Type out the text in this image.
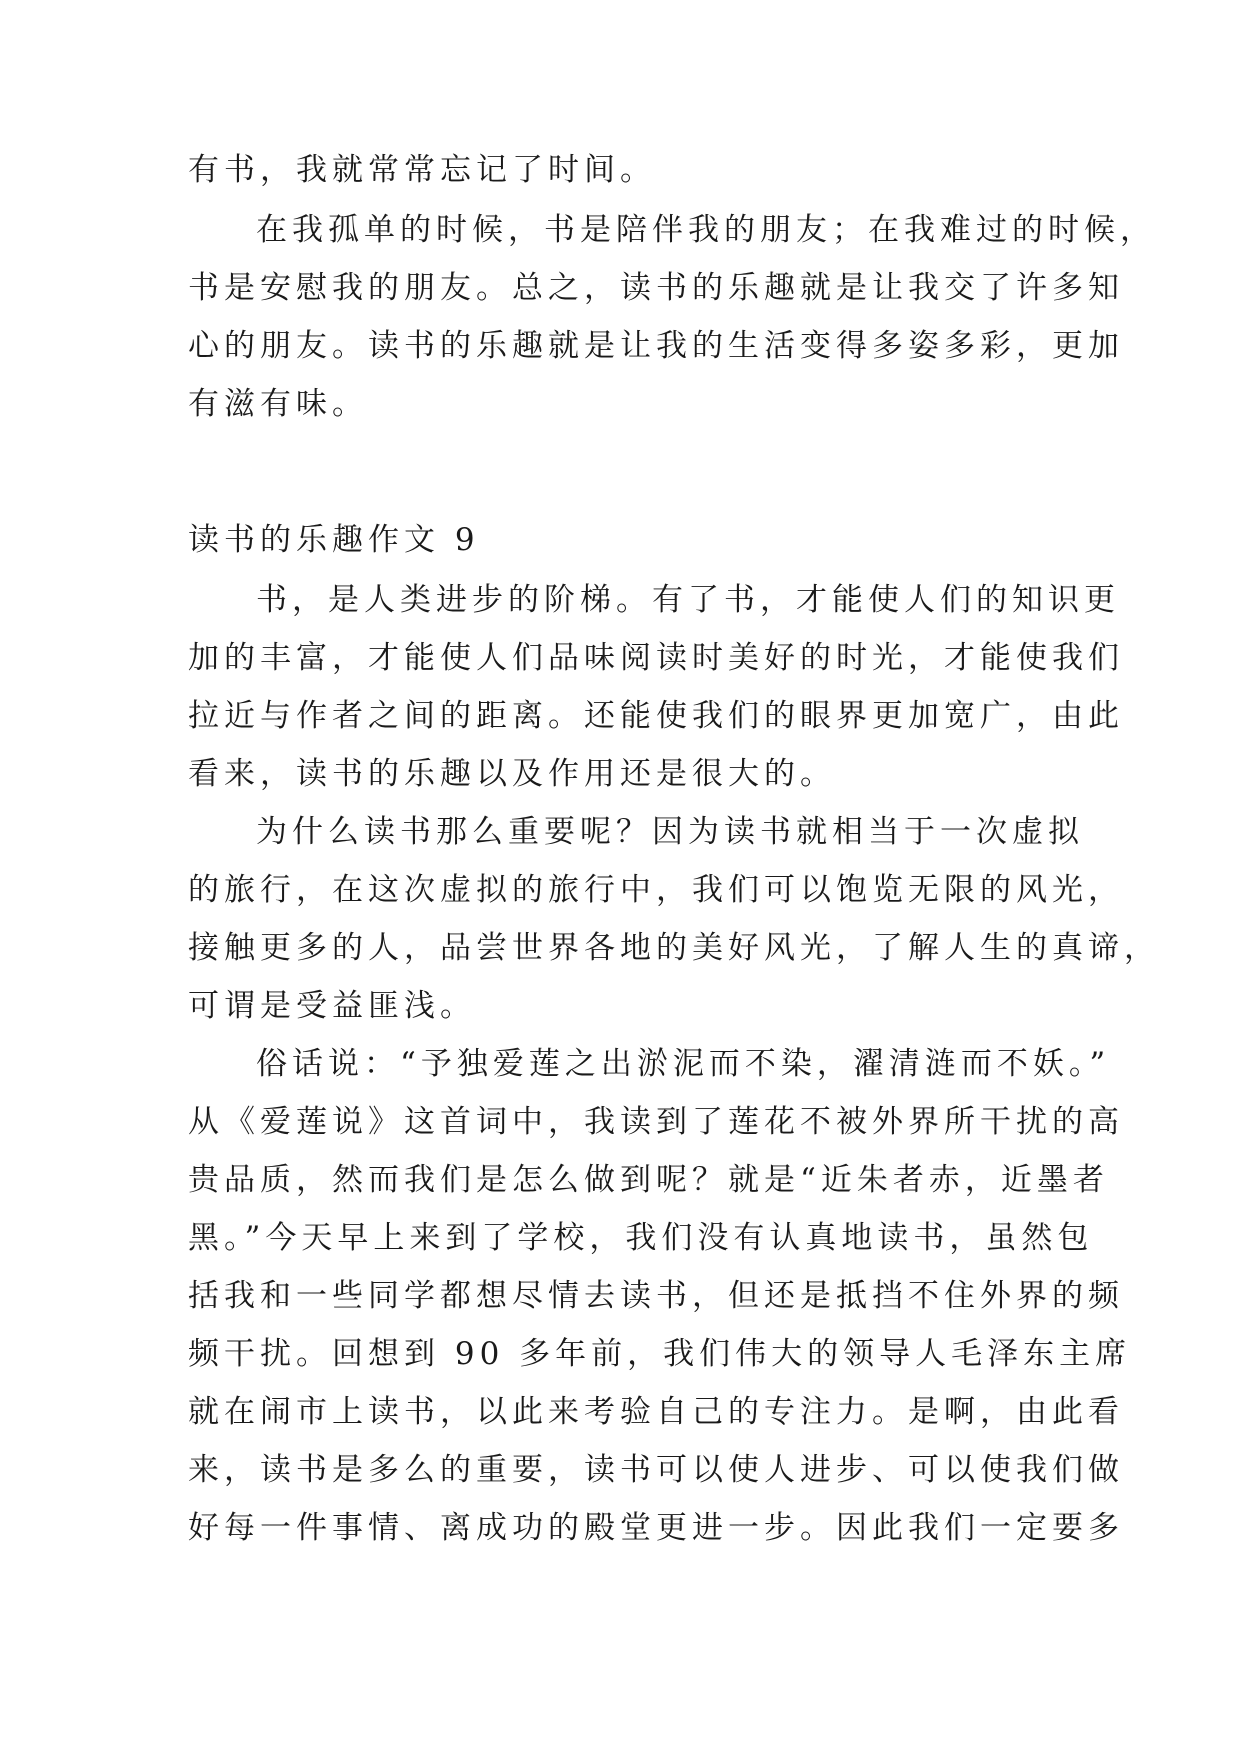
有书，我就常常忘记了时间。
在我孤单的时候，书是陪伴我的朋友；在我难过的时候，
书是安慰我的朋友。总之，读书的乐趣就是让我交了许多知
心的朋友。读书的乐趣就是让我的生活变得多姿多彩，更加
有滋有味。
读书的乐趣作文 9
书，是人类进步的阶梯。有了书，才能使人们的知识更
加的丰富，才能使人们品味阅读时美好的时光，才能使我们
拉近与作者之间的距离。还能使我们的眼界更加宽广，由此
看来，读书的乐趣以及作用还是很大的。
为什么读书那么重要呢？因为读书就相当于一次虚拟
的旅行，在这次虚拟的旅行中，我们可以饱览无限的风光，
接触更多的人，品尝世界各地的美好风光，了解人生的真谛，
可谓是受益匪浅。
俗话说：“予独爱莲之出淤泥而不染，濯清涟而不妖。”
从《爱莲说》这首词中，我读到了莲花不被外界所干扰的高
贵品质，然而我们是怎么做到呢？就是“近朱者赤，近墨者
黑。”今天早上来到了学校，我们没有认真地读书，虽然包
括我和一些同学都想尽情去读书，但还是抵挡不住外界的频
频干扰。回想到 90 多年前，我们伟大的领导人毛泽东主席
就在闹市上读书，以此来考验自己的专注力。是啊，由此看
来，读书是多么的重要，读书可以使人进步、可以使我们做
好每一件事情、离成功的殿堂更进一步。因此我们一定要多
